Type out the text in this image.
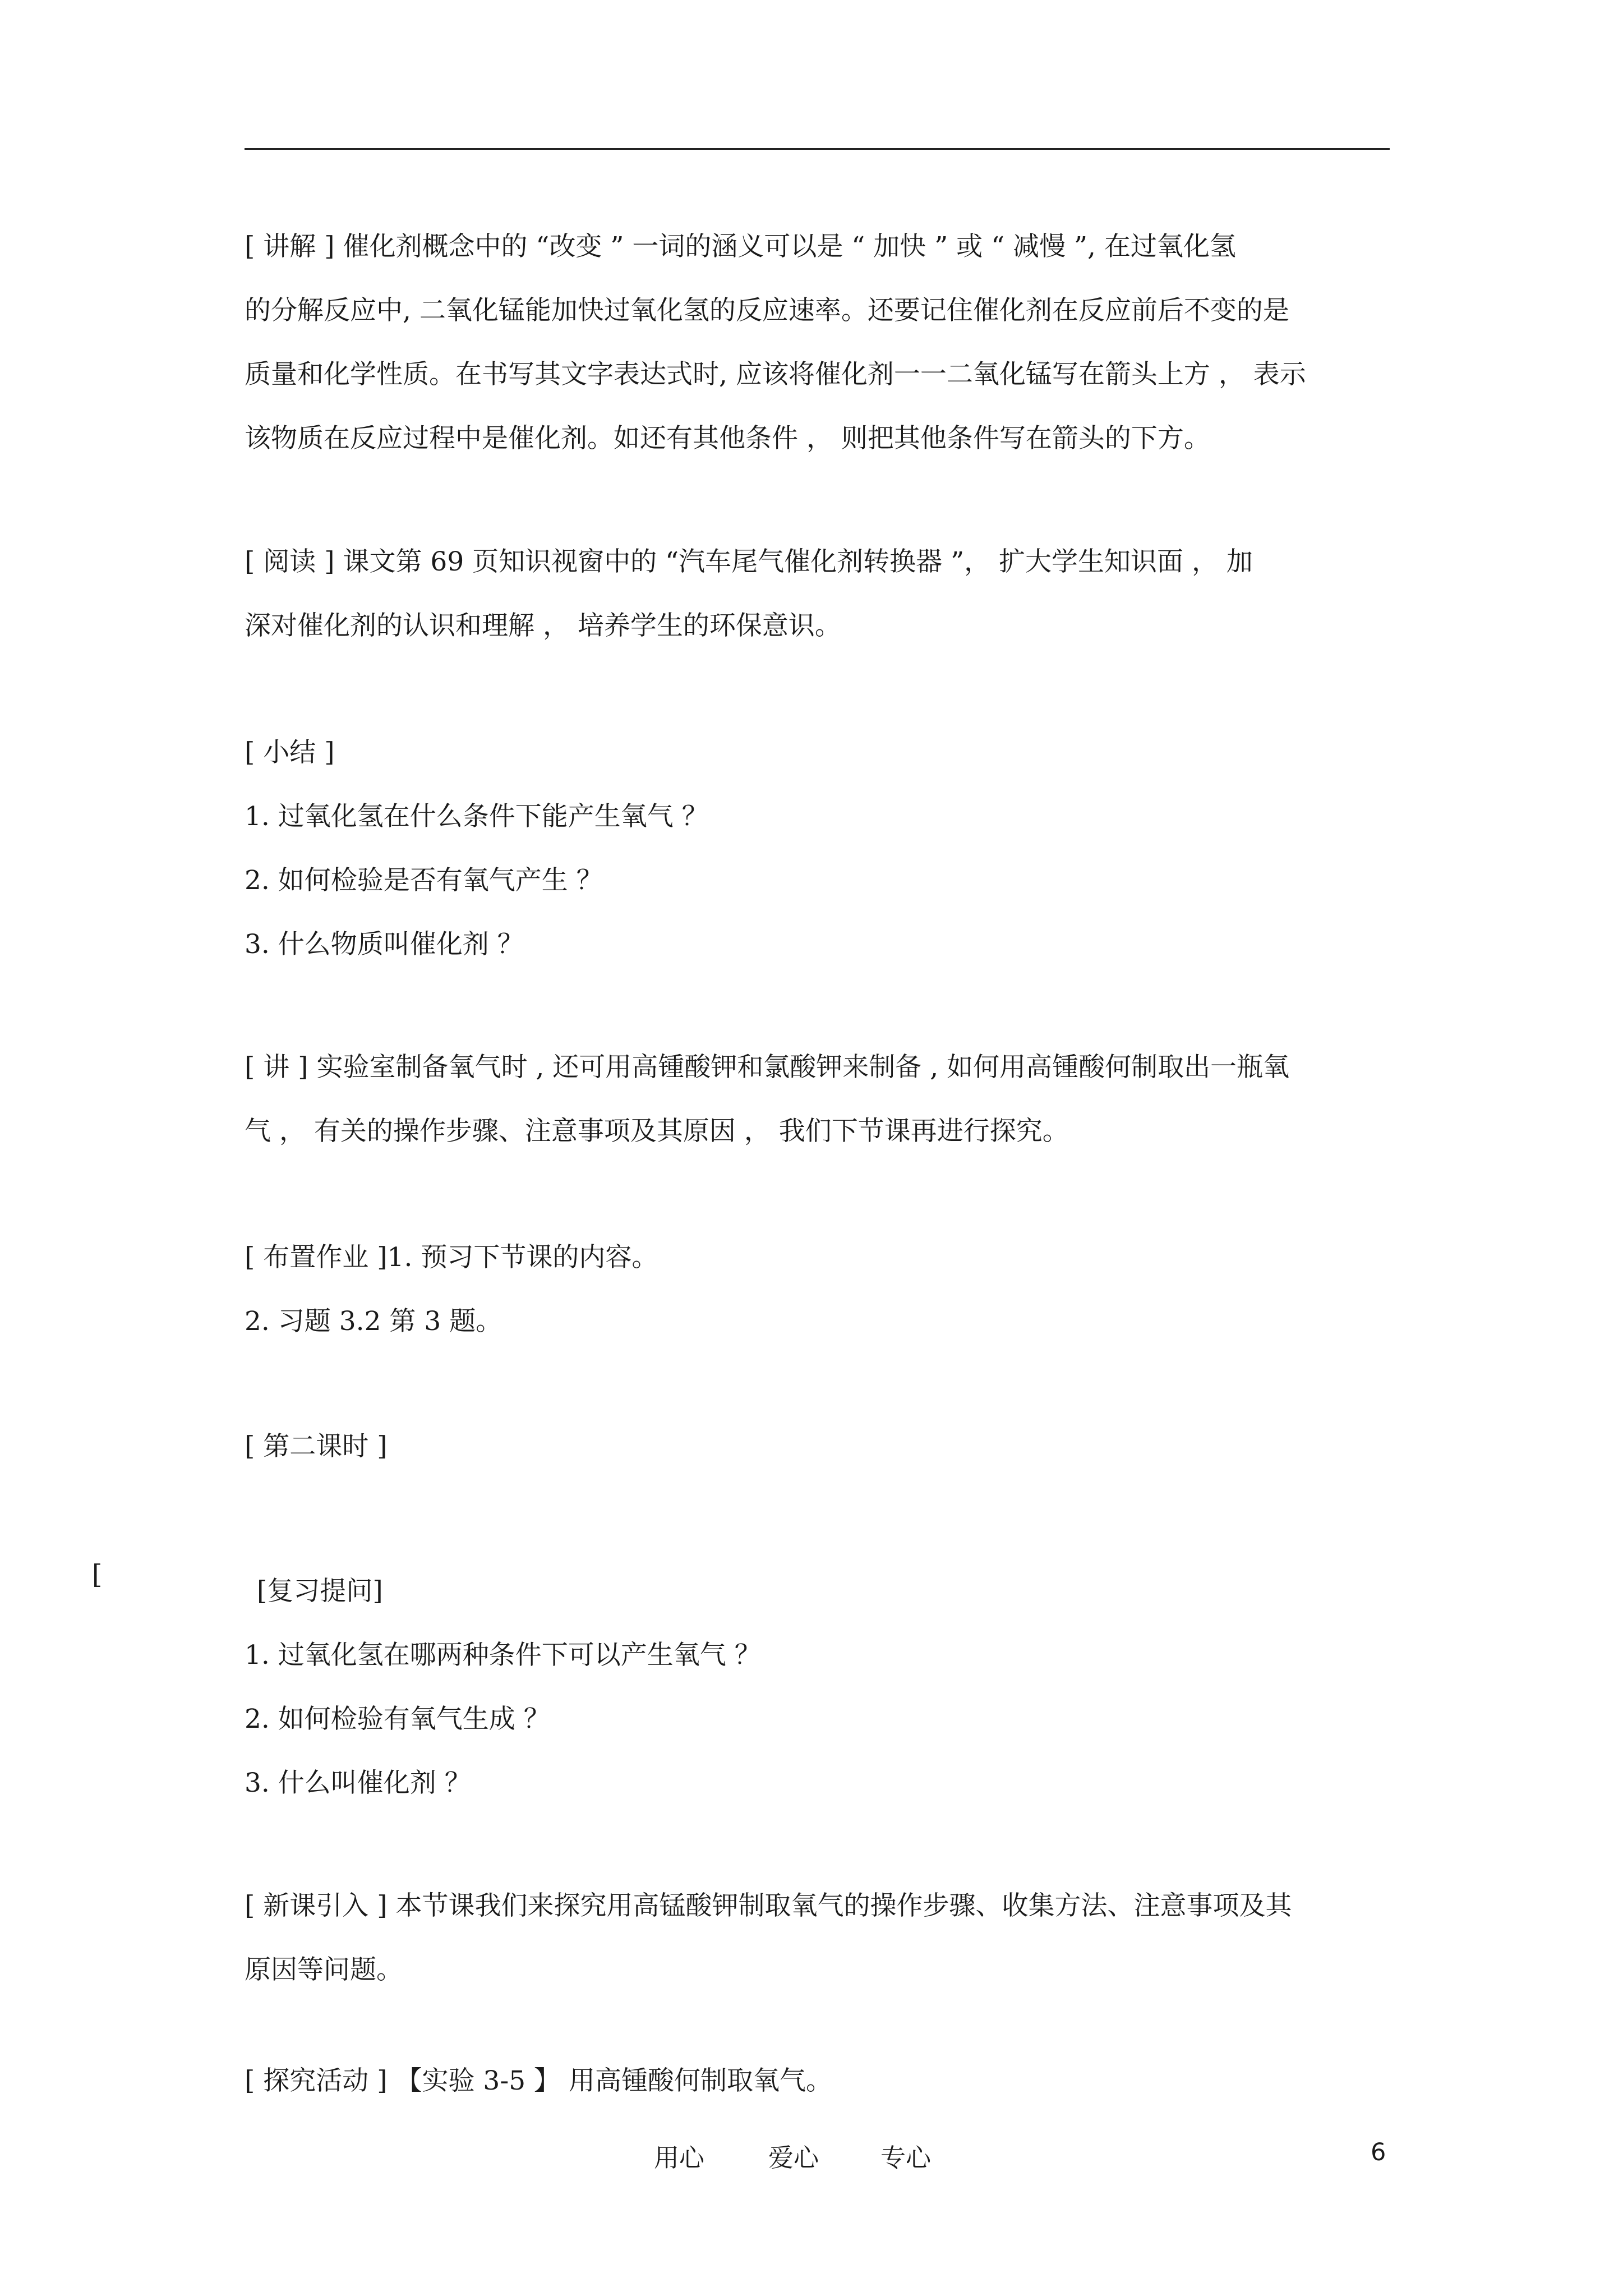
[ 讲解 ] 催化剂概念中的 “改变 ” 一词的涵义可以是 “ 加快 ” 或 “ 减慢 ”, 在过氧化氢
的分解反应中, 二氧化锰能加快过氧化氢的反应速率。还要记住催化剂在反应前后不变的是
质量和化学性质。在书写其文字表达式时, 应该将催化剂一一二氧化锰写在箭头上方 ， 表示
该物质在反应过程中是催化剂。如还有其他条件 ， 则把其他条件写在箭头的下方。
[ 阅读 ] 课文第 69 页知识视窗中的 “汽车尾气催化剂转换器 ”， 扩大学生知识面 ， 加
深对催化剂的认识和理解 ， 培养学生的环保意识。
[ 小结 ]
1. 过氧化氢在什么条件下能产生氧气 ？
2. 如何检验是否有氧气产生 ？
3. 什么物质叫催化剂 ？
[ 讲 ] 实验室制备氧气时 , 还可用高锺酸钾和氯酸钾来制备 , 如何用高锺酸何制取出一瓶氧
气 ， 有关的操作步骤、注意事项及其原因 ， 我们下节课再进行探究。
[ 布置作业 ]1. 预习下节课的内容。
2. 习题 3.2 第 3 题。
[ 第二课时 ]
[
[复习提问]
1. 过氧化氢在哪两种条件下可以产生氧气 ？
2. 如何检验有氧气生成 ？
3. 什么叫催化剂 ？
[ 新课引入 ] 本节课我们来探究用高锰酸钾制取氧气的操作步骤、收集方法、注意事项及其
原因等问题。
[ 探究活动 ] 【实验 3-5 】 用高锺酸何制取氧气。
用心	爱心 专心	6
